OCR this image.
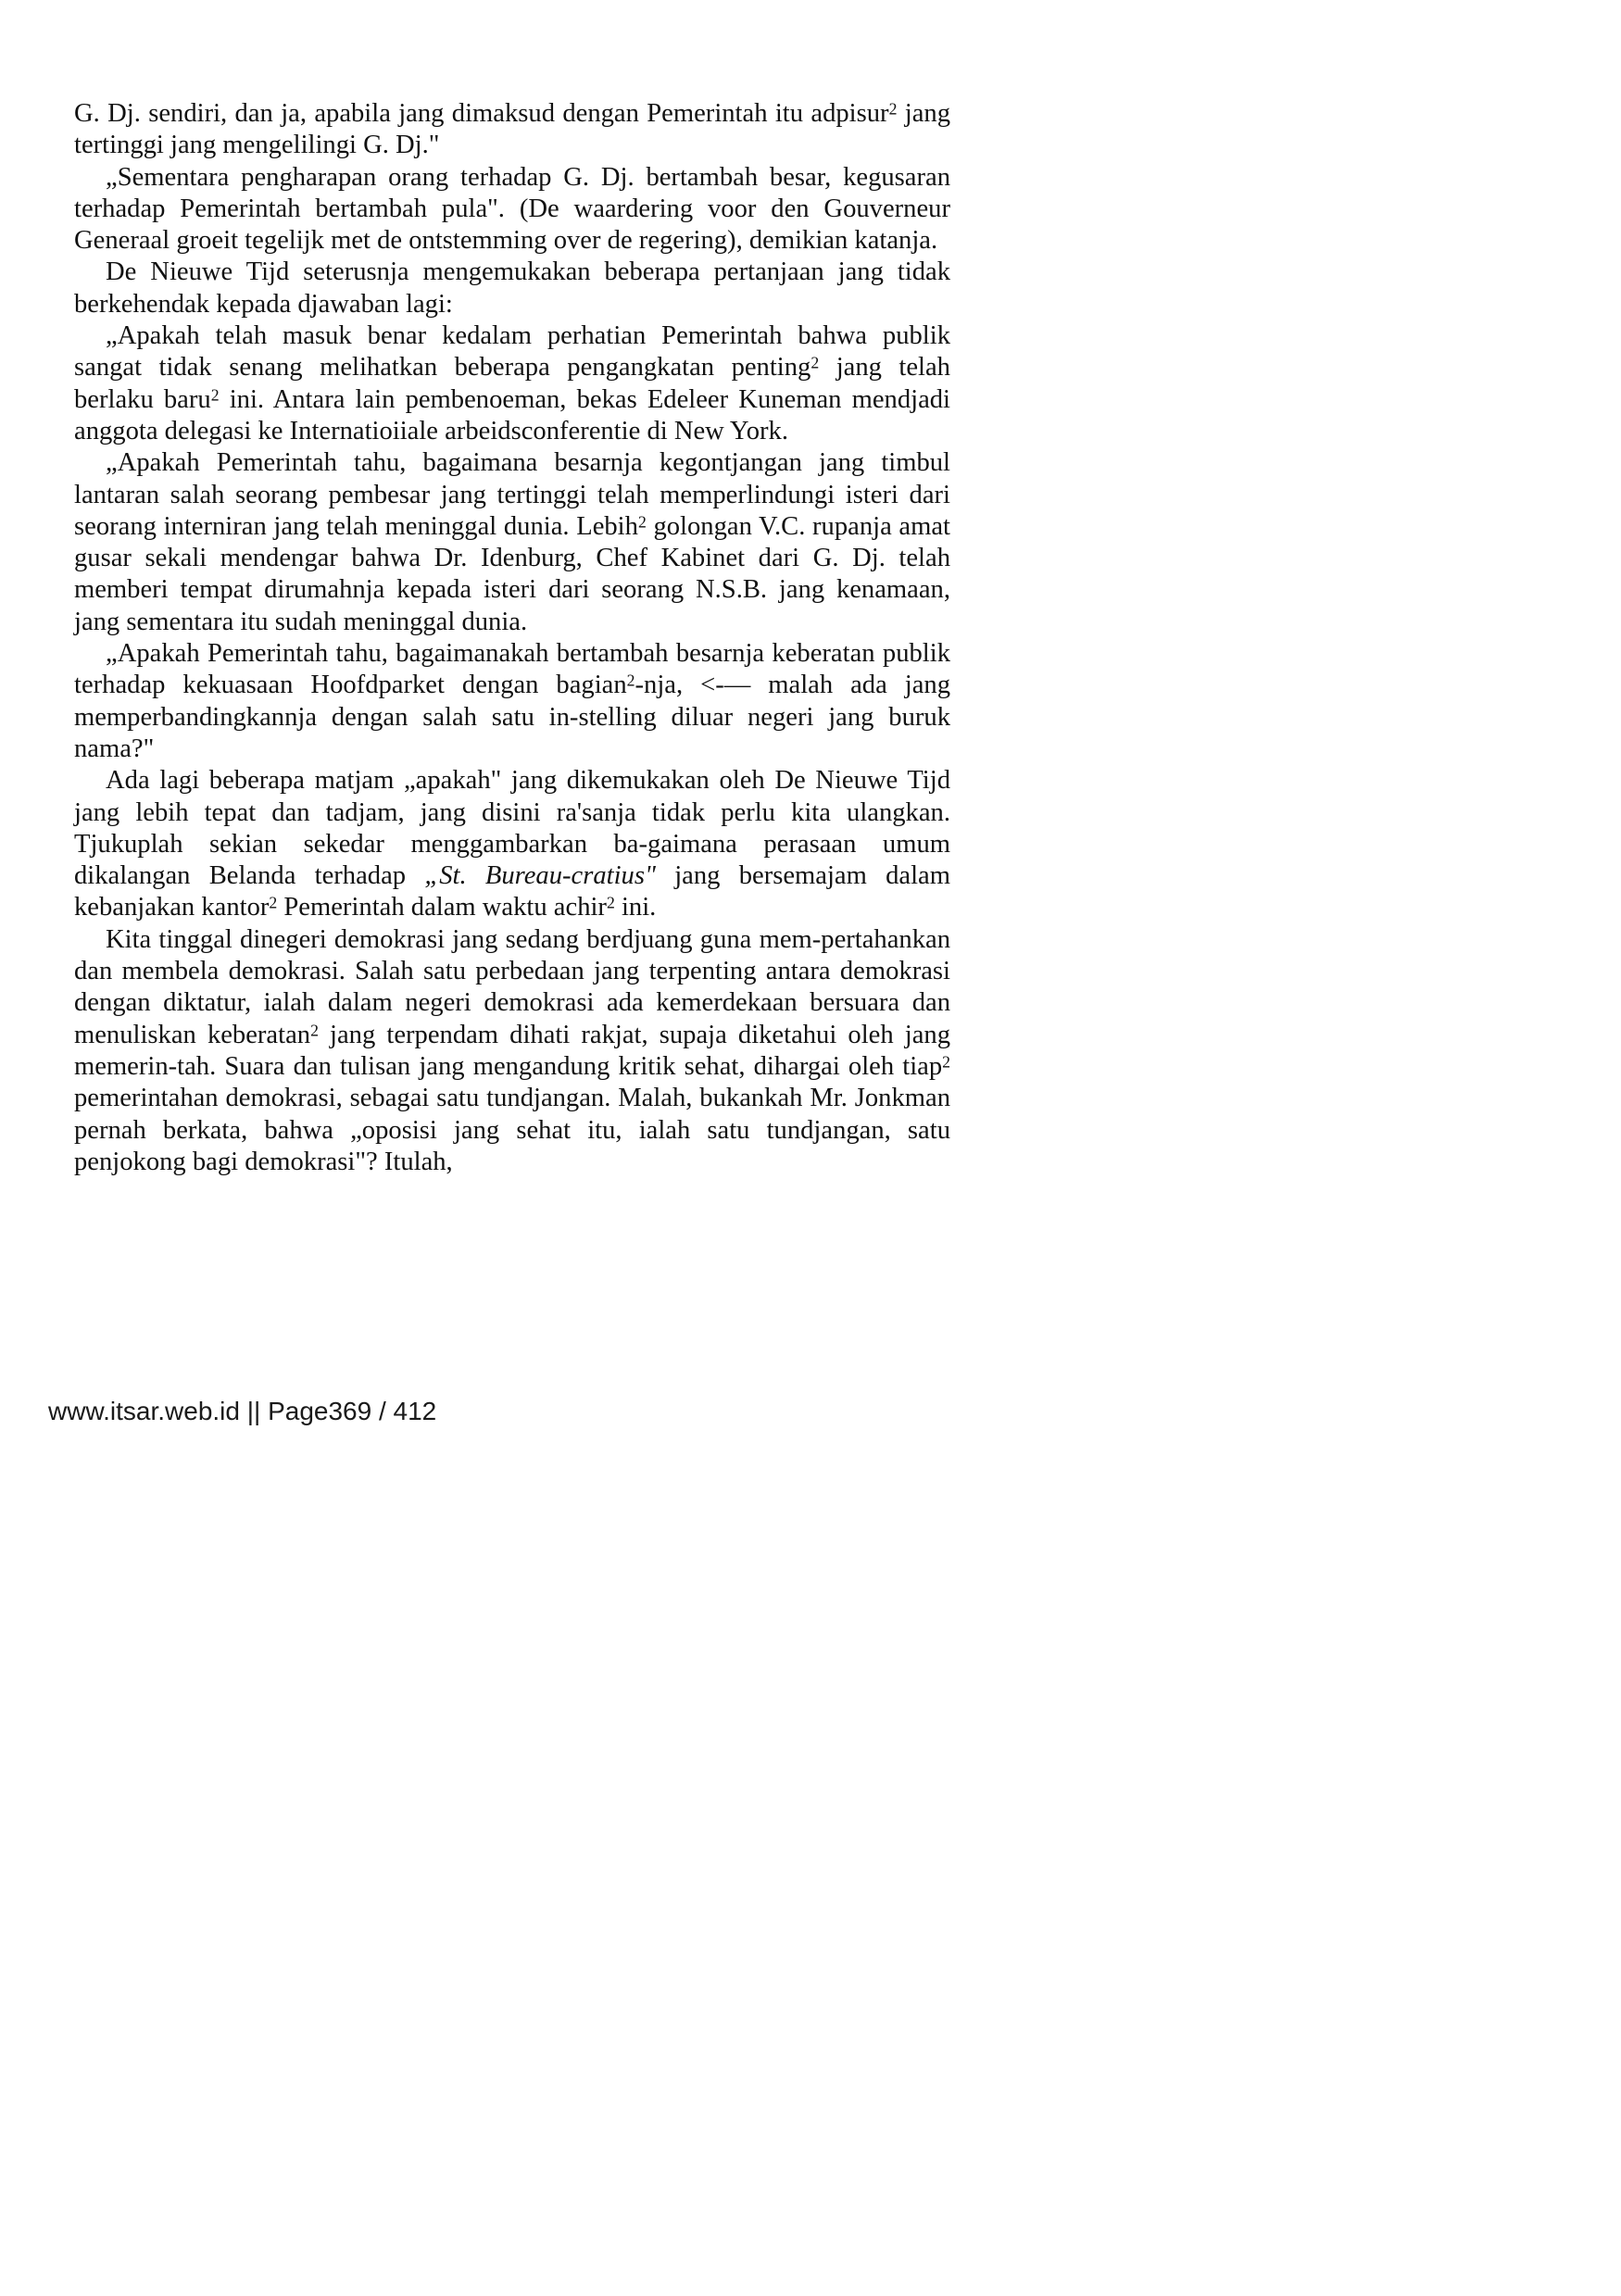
G. Dj. sendiri, dan ja, apabila jang dimaksud dengan Pemerintah itu adpisur$^2$ jang tertinggi jang mengelilingi G. Dj."

„Sementara pengharapan orang terhadap G. Dj. bertambah besar, kegusaran terhadap Pemerintah bertambah pula". (De waardering voor den Gouverneur Generaal groeit tegelijk met de ontstemming over de regering), demikian katanja.

De Nieuwe Tijd seterusnja mengemukakan beberapa pertanjaan jang tidak berkehendak kepada djawaban lagi:

„Apakah telah masuk benar kedalam perhatian Pemerintah bahwa publik sangat tidak senang melihatkan beberapa pengangkatan penting$^2$ jang telah berlaku baru$^2$ ini. Antara lain pembenoeman, bekas Edeleer Kuneman mendjadi anggota delegasi ke Internatioiiale arbeidsconferentie di New York.

„Apakah Pemerintah tahu, bagaimana besarnja kegontjangan jang timbul lantaran salah seorang pembesar jang tertinggi telah memperlindungi isteri dari seorang interniran jang telah meninggal dunia. Lebih$^2$ golongan V.C. rupanja amat gusar sekali mendengar bahwa Dr. Idenburg, Chef Kabinet dari G. Dj. telah memberi tempat dirumahnja kepada isteri dari seorang N.S.B. jang kenamaan, jang sementara itu sudah meninggal dunia.

„Apakah Pemerintah tahu, bagaimanakah bertambah besarnja keberatan publik terhadap kekuasaan Hoofdparket dengan bagian$^2$-nja, <-— malah ada jang memperbandingkannja dengan salah satu in-stelling diluar negeri jang buruk nama?"

Ada lagi beberapa matjam „apakah" jang dikemukakan oleh De Nieuwe Tijd jang lebih tepat dan tadjam, jang disini ra'sanja tidak perlu kita ulangkan. Tjukuplah sekian sekedar menggambarkan ba-gaimana perasaan umum dikalangan Belanda terhadap „St. Bureau-cratius" jang bersemajam dalam kebanjakan kantor$^2$ Pemerintah dalam waktu achir$^2$ ini.

Kita tinggal dinegeri demokrasi jang sedang berdjuang guna mem-pertahankan dan membela demokrasi. Salah satu perbedaan jang terpenting antara demokrasi dengan diktatur, ialah dalam negeri demokrasi ada kemerdekaan bersuara dan menuliskan keberatan$^2$ jang terpendam dihati rakjat, supaja diketahui oleh jang memerin-tah. Suara dan tulisan jang mengandung kritik sehat, dihargai oleh tiap$^2$ pemerintahan demokrasi, sebagai satu tundjangan. Malah, bukankah Mr. Jonkman pernah berkata, bahwa „oposisi jang sehat itu, ialah satu tundjangan, satu penjokong bagi demokrasi"? Itulah,

www.itsar.web.id || Page369 / 412
